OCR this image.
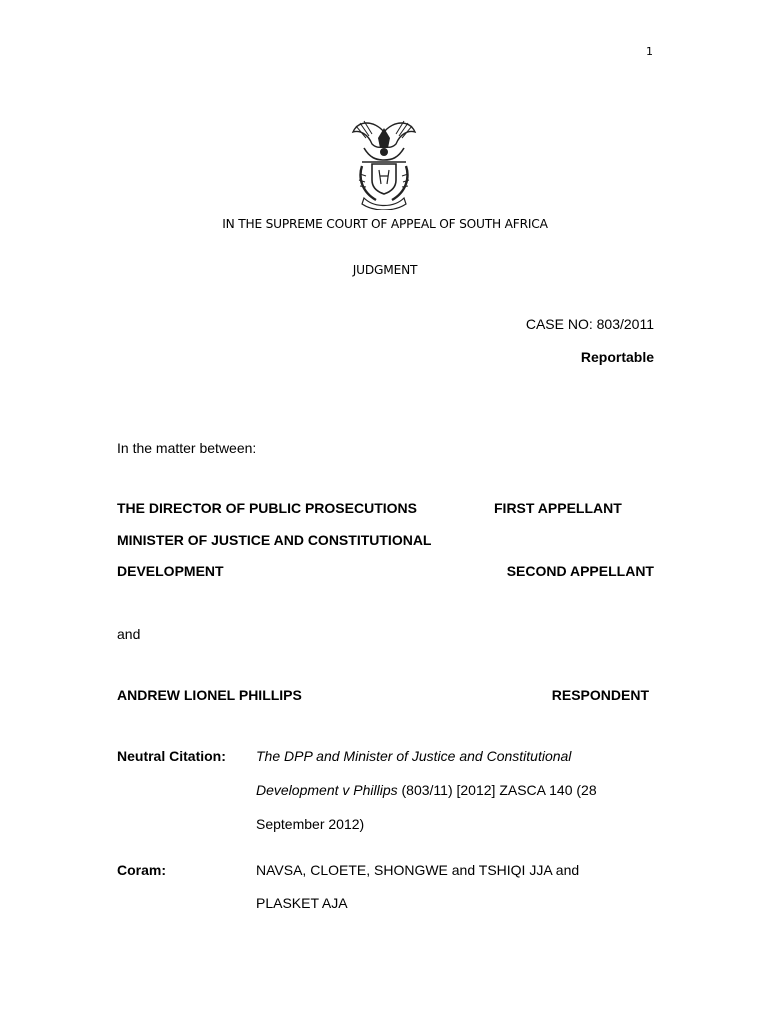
1
IN THE SUPREME COURT OF APPEAL OF SOUTH AFRICA
JUDGMENT
CASE NO: 803/2011
Reportable
In the matter between:
THE DIRECTOR OF PUBLIC PROSECUTIONS	FIRST APPELLANT
MINISTER OF JUSTICE AND CONSTITUTIONAL
DEVELOPMENT	SECOND APPELLANT
and
ANDREW LIONEL PHILLIPS	RESPONDENT
Neutral Citation: The DPP and Minister of Justice and Constitutional
Development v Phillips (803/11) [2012] ZASCA 140 (28
September 2012)
Coram:	NAVSA, CLOETE, SHONGWE and TSHIQI JJA and
PLASKET AJA
